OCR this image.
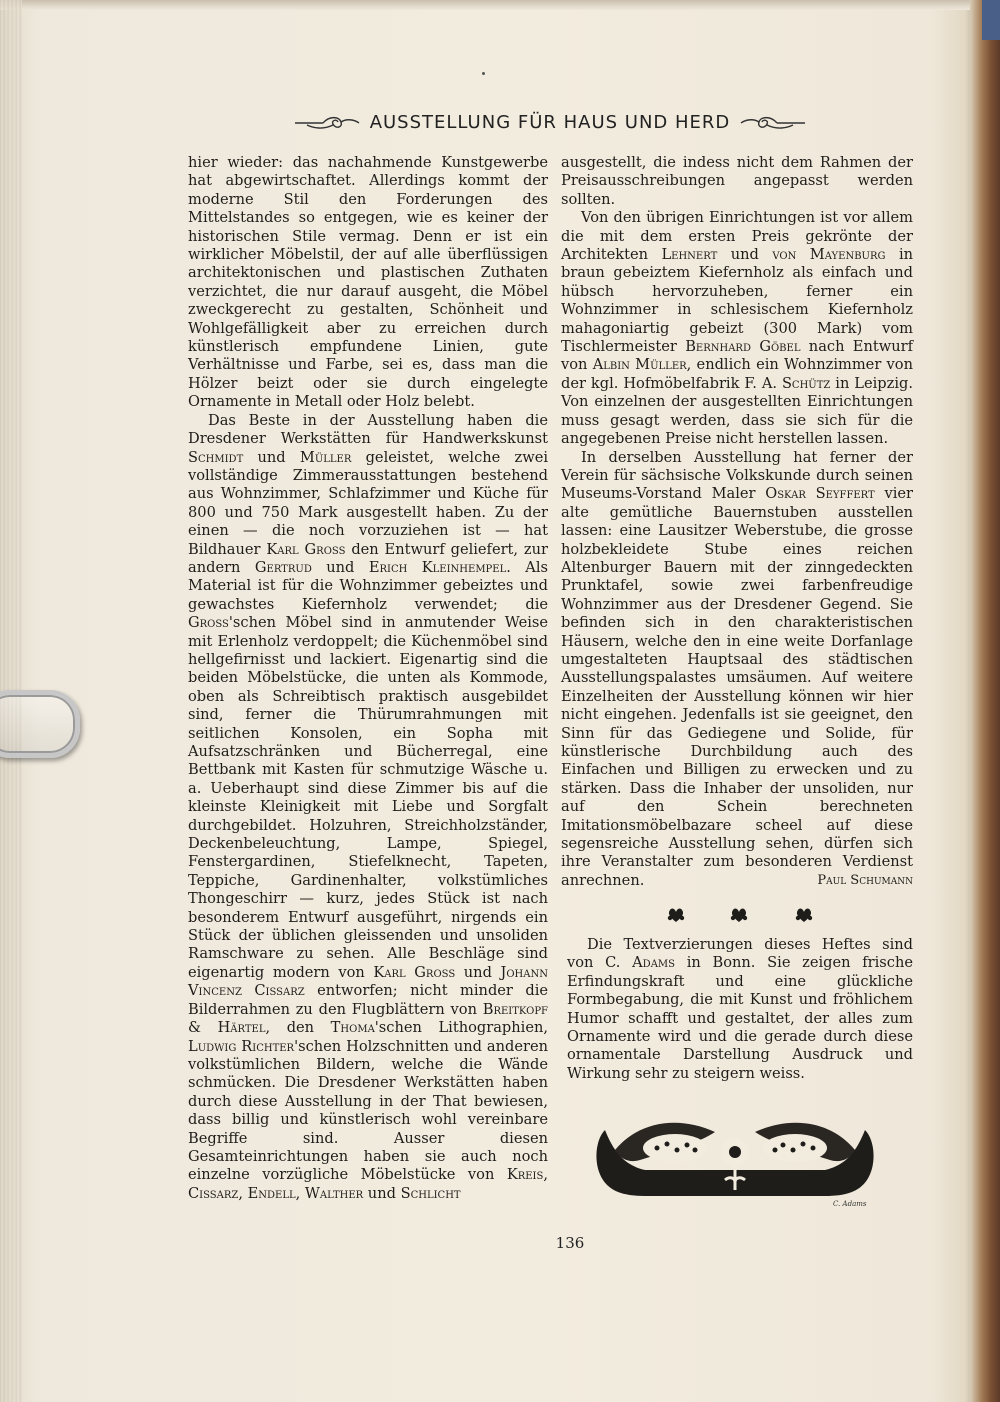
AUSSTELLUNG FÜR HAUS UND HERD

hier wieder: das nachahmende Kunstgewerbe hat abgewirtschaftet. Allerdings kommt der moderne Stil den Forderungen des Mittelstandes so entgegen, wie es keiner der historischen Stile vermag. Denn er ist ein wirklicher Möbelstil, der auf alle überflüssigen architektonischen und plastischen Zuthaten verzichtet, die nur darauf ausgeht, die Möbel zweckgerecht zu gestalten, Schönheit und Wohlgefälligkeit aber zu erreichen durch künstlerisch empfundene Linien, gute Verhältnisse und Farbe, sei es, dass man die Hölzer beizt oder sie durch eingelegte Ornamente in Metall oder Holz belebt.

Das Beste in der Ausstellung haben die Dresdener Werkstätten für Handwerkskunst Schmidt und Müller geleistet, welche zwei vollständige Zimmerausstattungen bestehend aus Wohnzimmer, Schlafzimmer und Küche für 800 und 750 Mark ausgestellt haben. Zu der einen — die noch vorzuziehen ist — hat Bildhauer Karl Gross den Entwurf geliefert, zur andern Gertrud und Erich Kleinhempel. Als Material ist für die Wohnzimmer gebeiztes und gewachstes Kiefernholz verwendet; die Gross'schen Möbel sind in anmutender Weise mit Erlenholz verdoppelt; die Küchenmöbel sind hellgefirnisst und lackiert. Eigenartig sind die beiden Möbelstücke, die unten als Kommode, oben als Schreibtisch praktisch ausgebildet sind, ferner die Thürumrahmungen mit seitlichen Konsolen, ein Sopha mit Aufsatzschränken und Bücherregal, eine Bettbank mit Kasten für schmutzige Wäsche u. a. Ueberhaupt sind diese Zimmer bis auf die kleinste Kleinigkeit mit Liebe und Sorgfalt durchgebildet. Holzuhren, Streichholzständer, Deckenbeleuchtung, Lampe, Spiegel, Fenstergardinen, Stiefelknecht, Tapeten, Teppiche, Gardinenhalter, volkstümliches Thongeschirr — kurz, jedes Stück ist nach besonderem Entwurf ausgeführt, nirgends ein Stück der üblichen gleissenden und unsoliden Ramschware zu sehen. Alle Beschläge sind eigenartig modern von Karl Gross und Johann Vincenz Cissarz entworfen; nicht minder die Bilderrahmen zu den Flugblättern von Breitkopf & Härtel, den Thoma'schen Lithographien, Ludwig Richter'schen Holzschnitten und anderen volkstümlichen Bildern, welche die Wände schmücken. Die Dresdener Werkstätten haben durch diese Ausstellung in der That bewiesen, dass billig und künstlerisch wohl vereinbare Begriffe sind. Ausser diesen Gesamteinrichtungen haben sie auch noch einzelne vorzügliche Möbelstücke von Kreis, Cissarz, Endell, Walther und Schlicht

ausgestellt, die indess nicht dem Rahmen der Preisausschreibungen angepasst werden sollten.

Von den übrigen Einrichtungen ist vor allem die mit dem ersten Preis gekrönte der Architekten Lehnert und von Mayenburg in braun gebeiztem Kiefernholz als einfach und hübsch hervorzuheben, ferner ein Wohnzimmer in schlesischem Kiefernholz mahagoniartig gebeizt (300 Mark) vom Tischlermeister Bernhard Göbel nach Entwurf von Albin Müller, endlich ein Wohnzimmer von der kgl. Hofmöbelfabrik F. A. Schütz in Leipzig. Von einzelnen der ausgestellten Einrichtungen muss gesagt werden, dass sie sich für die angegebenen Preise nicht herstellen lassen.

In derselben Ausstellung hat ferner der Verein für sächsische Volkskunde durch seinen Museums-Vorstand Maler Oskar Seyffert vier alte gemütliche Bauernstuben ausstellen lassen: eine Lausitzer Weberstube, die grosse holzbekleidete Stube eines reichen Altenburger Bauern mit der zinngedeckten Prunktafel, sowie zwei farbenfreudige Wohnzimmer aus der Dresdener Gegend. Sie befinden sich in den charakteristischen Häusern, welche den in eine weite Dorfanlage umgestalteten Hauptsaal des städtischen Ausstellungspalastes umsäumen. Auf weitere Einzelheiten der Ausstellung können wir hier nicht eingehen. Jedenfalls ist sie geeignet, den Sinn für das Gediegene und Solide, für künstlerische Durchbildung auch des Einfachen und Billigen zu erwecken und zu stärken. Dass die Inhaber der unsoliden, nur auf den Schein berechneten Imitationsmöbelbazare scheel auf diese segensreiche Ausstellung sehen, dürfen sich ihre Veranstalter zum besonderen Verdienst anrechnen.	Paul Schumann

Die Textverzierungen dieses Heftes sind von C. Adams in Bonn. Sie zeigen frische Erfindungskraft und eine glückliche Formbegabung, die mit Kunst und fröhlichem Humor schafft und gestaltet, der alles zum Ornamente wird und die gerade durch diese ornamentale Darstellung Ausdruck und Wirkung sehr zu steigern weiss.

C. Adams
136
